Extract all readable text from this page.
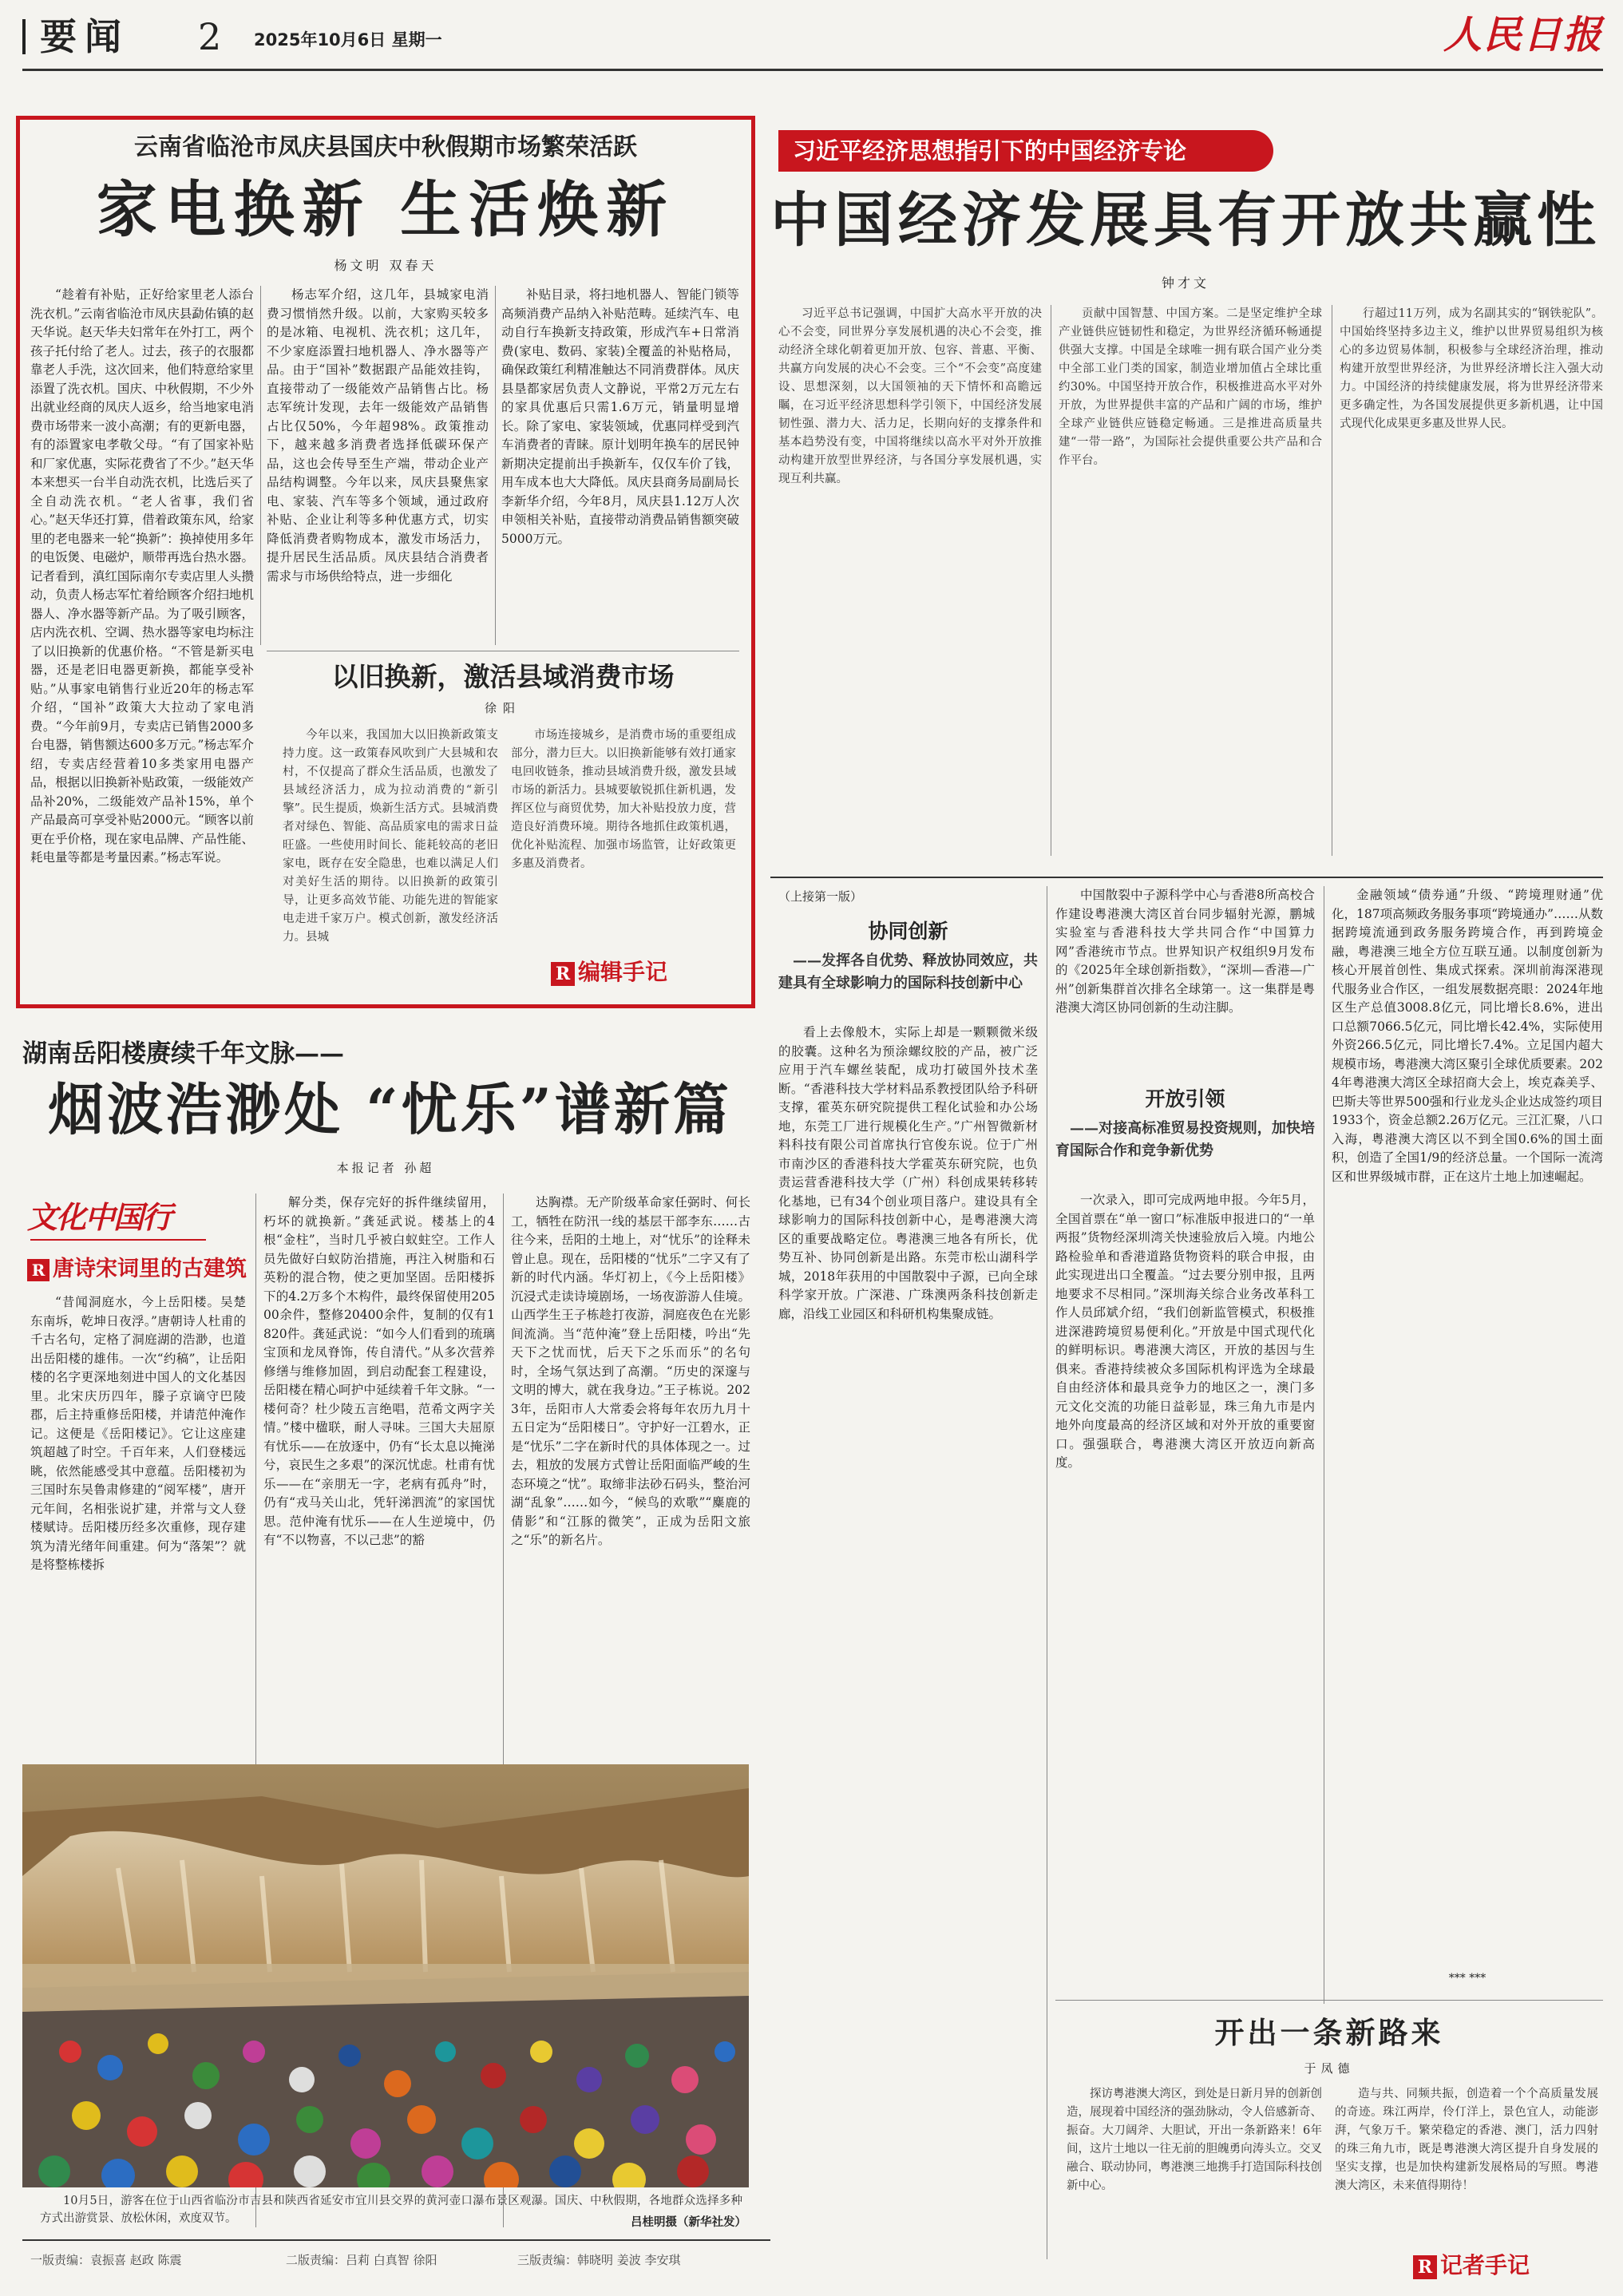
要闻 2 2025年10月6日 星期一	人民日报
云南省临沧市凤庆县国庆中秋假期市场繁荣活跃
家电换新 生活焕新
杨文明 双春天
“趁着有补贴，正好给家里老人添台洗衣机。”云南省临沧市凤庆县勐佑镇的赵天华说。赵天华夫妇常年在外打工，两个孩子托付给了老人。过去，孩子的衣服都靠老人手洗，这次回来，他们特意给家里添置了洗衣机。国庆、中秋假期，不少外出就业经商的凤庆人返乡，给当地家电消费市场带来一波小高潮；有的更新电器，有的添置家电孝敬父母。“有了国家补贴和厂家优惠，实际花费省了不少。”赵天华本来想买一台半自动洗衣机，比选后买了全自动洗衣机。“老人省事，我们省心。”赵天华还打算，借着政策东风，给家里的老电器来一轮“换新”：换掉使用多年的电饭煲、电磁炉，顺带再选台热水器。记者看到，滇红国际南尔专卖店里人头攒动，负责人杨志军忙着给顾客介绍扫地机器人、净水器等新产品。为了吸引顾客，店内洗衣机、空调、热水器等家电均标注了以旧换新的优惠价格。“不管是新买电器，还是老旧电器更新换，都能享受补贴。”从事家电销售行业近20年的杨志军介绍，“国补”政策大大拉动了家电消费。“今年前9月，专卖店已销售2000多台电器，销售额达600多万元。”杨志军介绍，专卖店经营着10多类家用电器产品，根据以旧换新补贴政策，一级能效产品补20%，二级能效产品补15%，单个产品最高可享受补贴2000元。“顾客以前更在乎价格，现在家电品牌、产品性能、耗电量等都是考量因素。”杨志军说。
杨志军介绍，这几年，县城家电消费习惯悄然升级。以前，大家购买较多的是冰箱、电视机、洗衣机；这几年，不少家庭添置扫地机器人、净水器等产品。由于“国补”数据跟产品能效挂钩，直接带动了一级能效产品销售占比。杨志军统计发现，去年一级能效产品销售占比仅50%，今年超98%。政策推动下，越来越多消费者选择低碳环保产品，这也会传导至生产端，带动企业产品结构调整。今年以来，凤庆县聚焦家电、家装、汽车等多个领域，通过政府补贴、企业让利等多种优惠方式，切实降低消费者购物成本，激发市场活力，提升居民生活品质。凤庆县结合消费者需求与市场供给特点，进一步细化
补贴目录，将扫地机器人、智能门锁等高频消费产品纳入补贴范畴。延续汽车、电动自行车换新支持政策，形成汽车+日常消费(家电、数码、家装)全覆盖的补贴格局，确保政策红利精准触达不同消费群体。凤庆县垦都家居负责人文静说，平常2万元左右的家具优惠后只需1.6万元，销量明显增长。除了家电、家装领域，优惠同样受到汽车消费者的青睐。原计划明年换车的居民钟新期决定提前出手换新车，仅仅车价了钱，用车成本也大大降低。凤庆县商务局副局长李新华介绍，今年8月，凤庆县1.12万人次申领相关补贴，直接带动消费品销售额突破5000万元。
以旧换新，激活县域消费市场
徐阳
今年以来，我国加大以旧换新政策支持力度。这一政策春风吹到广大县城和农村，不仅提高了群众生活品质，也激发了县域经济活力，成为拉动消费的“新引擎”。民生提质，焕新生活方式。县城消费者对绿色、智能、高品质家电的需求日益旺盛。一些使用时间长、能耗较高的老旧家电，既存在安全隐患，也难以满足人们对美好生活的期待。以旧换新的政策引导，让更多高效节能、功能先进的智能家电走进千家万户。模式创新，激发经济活力。县城
市场连接城乡，是消费市场的重要组成部分，潜力巨大。以旧换新能够有效打通家电回收链条，推动县域消费升级，激发县域市场的新活力。县城要敏锐抓住新机遇，发挥区位与商贸优势，加大补贴投放力度，营造良好消费环境。期待各地抓住政策机遇，优化补贴流程、加强市场监管，让好政策更多惠及消费者。
R 编辑手记
习近平经济思想指引下的中国经济专论
中国经济发展具有开放共赢性
钟才文
习近平总书记强调，中国扩大高水平开放的决心不会变，同世界分享发展机遇的决心不会变，推动经济全球化朝着更加开放、包容、普惠、平衡、共赢方向发展的决心不会变。三个“不会变”高度建设、思想深刻，以大国领袖的天下情怀和高瞻远瞩，在习近平经济思想科学引领下，中国经济发展韧性强、潜力大、活力足，长期向好的支撑条件和基本趋势没有变，中国将继续以高水平对外开放推动构建开放型世界经济，与各国分享发展机遇，实现互利共赢。
贡献中国智慧、中国方案。二是坚定维护全球产业链供应链韧性和稳定，为世界经济循环畅通提供强大支撑。中国是全球唯一拥有联合国产业分类中全部工业门类的国家，制造业增加值占全球比重约30%。中国坚持开放合作，积极推进高水平对外开放，为世界提供丰富的产品和广阔的市场，维护全球产业链供应链稳定畅通。三是推进高质量共建“一带一路”，为国际社会提供重要公共产品和合作平台。
行超过11万列，成为名副其实的“钢铁驼队”。中国始终坚持多边主义，维护以世界贸易组织为核心的多边贸易体制，积极参与全球经济治理，推动构建开放型世界经济，为世界经济增长注入强大动力。中国经济的持续健康发展，将为世界经济带来更多确定性，为各国发展提供更多新机遇，让中国式现代化成果更多惠及世界人民。
（上接第一版）
协同创新
——发挥各自优势、释放协同效应，共建具有全球影响力的国际科技创新中心
看上去像般木，实际上却是一颗颗微米级的胶囊。这种名为预涂螺纹胶的产品，被广泛应用于汽车螺丝装配，成功打破国外技术垄断。“香港科技大学材料品系教授团队给予科研支撑，霍英东研究院提供工程化试验和办公场地，东莞工厂进行规模化生产。”广州智微新材料科技有限公司首席执行官俊东说。位于广州市南沙区的香港科技大学霍英东研究院，也负责运营香港科技大学（广州）科创成果转移转化基地，已有34个创业项目落户。建设具有全球影响力的国际科技创新中心，是粤港澳大湾区的重要战略定位。粤港澳三地各有所长，优势互补、协同创新是出路。东莞市松山湖科学城，2018年获用的中国散裂中子源，已向全球科学家开放。广深港、广珠澳两条科技创新走廊，沿线工业园区和科研机构集聚成链。
中国散裂中子源科学中心与香港8所高校合作建设粤港澳大湾区首台同步辐射光源，鹏城实验室与香港科技大学共同合作“中国算力网”香港统市节点。世界知识产权组织9月发布的《2025年全球创新指数》，“深圳—香港—广州”创新集群首次排名全球第一。这一集群是粤港澳大湾区协同创新的生动注脚。
开放引领
——对接高标准贸易投资规则，加快培育国际合作和竞争新优势
一次录入，即可完成两地申报。今年5月，全国首票在“单一窗口”标准版申报进口的“一单两报”货物经深圳湾关快速验放后入境。内地公路检验单和香港道路货物资料的联合申报，由此实现进出口全覆盖。“过去要分别申报，且两地要求不尽相同。”深圳海关综合业务改革科工作人员邱斌介绍，“我们创新监管模式，积极推进深港跨境贸易便利化。”开放是中国式现代化的鲜明标识。粤港澳大湾区，开放的基因与生俱来。香港持续被众多国际机构评选为全球最自由经济体和最具竞争力的地区之一，澳门多元文化交流的功能日益彰显，珠三角九市是内地外向度最高的经济区域和对外开放的重要窗口。强强联合，粤港澳大湾区开放迈向新高度。
金融领域“债券通”升级、“跨境理财通”优化，187项高频政务服务事项“跨境通办”……从数据跨境流通到政务服务跨境合作，再到跨境金融，粤港澳三地全方位互联互通。以制度创新为核心开展首创性、集成式探索。深圳前海深港现代服务业合作区，一组发展数据亮眼：2024年地区生产总值3008.8亿元，同比增长8.6%，进出口总额7066.5亿元，同比增长42.4%，实际使用外资266.5亿元，同比增长7.4%。立足国内超大规模市场，粤港澳大湾区聚引全球优质要素。2024年粤港澳大湾区全球招商大会上，埃克森美孚、巴斯夫等世界500强和行业龙头企业达成签约项目1933个，资金总额2.26万亿元。三江汇聚，八口入海，粤港澳大湾区以不到全国0.6%的国土面积，创造了全国1/9的经济总量。一个国际一流湾区和世界级城市群，正在这片土地上加速崛起。
*** ***
开出一条新路来
于凤德
探访粤港澳大湾区，到处是日新月异的创新创造，展现着中国经济的强劲脉动，令人倍感新奇、振奋。大刀阔斧、大胆试，开出一条新路来！6年间，这片土地以一往无前的胆魄勇向涛头立。交叉融合、联动协同，粤港澳三地携手打造国际科技创新中心。
造与共、同频共振，创造着一个个高质量发展的奇迹。珠江两岸，伶仃洋上，景色宜人，动能澎湃，气象万千。繁荣稳定的香港、澳门，活力四射的珠三角九市，既是粤港澳大湾区提升自身发展的坚实支撑，也是加快构建新发展格局的写照。粤港澳大湾区，未来值得期待！
R 记者手记
湖南岳阳楼赓续千年文脉——
烟波浩渺处 “忧乐”谱新篇
本报记者 孙超
文化中国行
R 唐诗宋词里的古建筑
“昔闻洞庭水，今上岳阳楼。吴楚东南坼，乾坤日夜浮。”唐朝诗人杜甫的千古名句，定格了洞庭湖的浩渺，也道出岳阳楼的雄伟。一次“约稿”，让岳阳楼的名字更深地刻进中国人的文化基因里。北宋庆历四年，滕子京谪守巴陵郡，后主持重修岳阳楼，并请范仲淹作记。这便是《岳阳楼记》。它让这座建筑超越了时空。千百年来，人们登楼远眺，依然能感受其中意蕴。岳阳楼初为三国时东吴鲁肃修建的“阅军楼”，唐开元年间，名相张说扩建，并常与文人登楼赋诗。岳阳楼历经多次重修，现存建筑为清光绪年间重建。何为“落架”？就是将整栋楼拆
解分类，保存完好的拆件继续留用，朽坏的就换新。”龚延武说。楼基上的4根“金柱”，当时几乎被白蚁蛀空。工作人员先做好白蚁防治措施，再注入树脂和石英粉的混合物，使之更加坚固。岳阳楼拆下的4.2万多个木构件，最终保留使用20500余件，整修20400余件，复制的仅有1820件。龚延武说：“如今人们看到的琉璃宝顶和龙凤脊饰，传自清代。”从多次营养修缮与维修加固，到启动配套工程建设，岳阳楼在精心呵护中延续着千年文脉。“一楼何奇？杜少陵五言绝唱，范希文两字关情。”楼中楹联，耐人寻味。三国大夫屈原有忧乐——在放逐中，仍有“长太息以掩涕兮，哀民生之多艰”的深沉忧虑。杜甫有忧乐——在“亲朋无一字，老病有孤舟”时，仍有“戎马关山北，凭轩涕泗流”的家国忧思。范仲淹有忧乐——在人生逆境中，仍有“不以物喜，不以己悲”的豁
达胸襟。无产阶级革命家任弼时、何长工，牺牲在防汛一线的基层干部李东……古往今来，岳阳的土地上，对“忧乐”的诠释未曾止息。现在，岳阳楼的“忧乐”二字又有了新的时代内涵。华灯初上，《今上岳阳楼》沉浸式走读诗境剧场，一场夜游游人佳境。山西学生王子栋趁打夜游，洞庭夜色在光影间流淌。当“范仲淹”登上岳阳楼，吟出“先天下之忧而忧，后天下之乐而乐”的名句时，全场气氛达到了高潮。“历史的深邃与文明的博大，就在我身边。”王子栋说。2023年，岳阳市人大常委会将每年农历九月十五日定为“岳阳楼日”。守护好一江碧水，正是“忧乐”二字在新时代的具体体现之一。过去，粗放的发展方式曾让岳阳面临严峻的生态环境之“忧”。取缔非法砂石码头，整治河湖“乱象”……如今，“候鸟的欢歌”“麋鹿的倩影”和“江豚的微笑”，正成为岳阳文旅之“乐”的新名片。
10月5日，游客在位于山西省临汾市吉县和陕西省延安市宜川县交界的黄河壶口瀑布景区观瀑。国庆、中秋假期，各地群众选择多种方式出游赏景、放松休闲，欢度双节。	吕桂明摄（新华社发）
一版责编：袁振喜 赵政 陈震	二版责编：吕莉 白真智 徐阳	三版责编：韩晓明 姜波 李安琪
